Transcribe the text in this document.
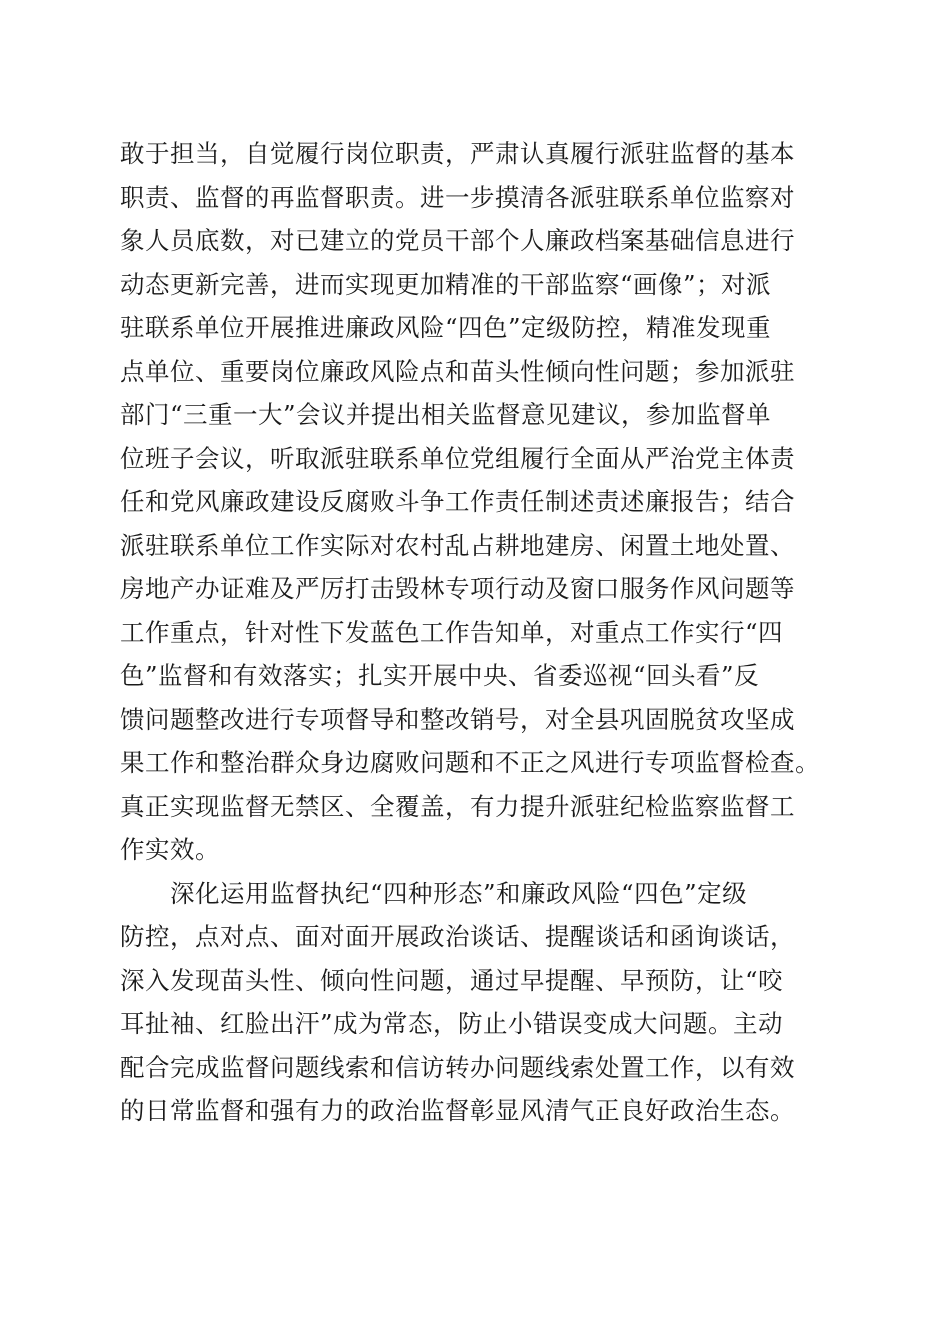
敢于担当，自觉履行岗位职责，严肃认真履行派驻监督的基本
职责、监督的再监督职责。进一步摸清各派驻联系单位监察对
象人员底数，对已建立的党员干部个人廉政档案基础信息进行
动态更新完善，进而实现更加精准的干部监察“画像”；对派
驻联系单位开展推进廉政风险“四色”定级防控，精准发现重
点单位、重要岗位廉政风险点和苗头性倾向性问题；参加派驻
部门“三重一大”会议并提出相关监督意见建议，参加监督单
位班子会议，听取派驻联系单位党组履行全面从严治党主体责
任和党风廉政建设反腐败斗争工作责任制述责述廉报告；结合
派驻联系单位工作实际对农村乱占耕地建房、闲置土地处置、
房地产办证难及严厉打击毁林专项行动及窗口服务作风问题等
工作重点，针对性下发蓝色工作告知单，对重点工作实行“四
色”监督和有效落实；扎实开展中央、省委巡视“回头看”反
馈问题整改进行专项督导和整改销号，对全县巩固脱贫攻坚成
果工作和整治群众身边腐败问题和不正之风进行专项监督检查。
真正实现监督无禁区、全覆盖，有力提升派驻纪检监察监督工
作实效。
　　深化运用监督执纪“四种形态”和廉政风险“四色”定级
防控，点对点、面对面开展政治谈话、提醒谈话和函询谈话，
深入发现苗头性、倾向性问题，通过早提醒、早预防，让“咬
耳扯袖、红脸出汗”成为常态，防止小错误变成大问题。主动
配合完成监督问题线索和信访转办问题线索处置工作，以有效
的日常监督和强有力的政治监督彰显风清气正良好政治生态。
